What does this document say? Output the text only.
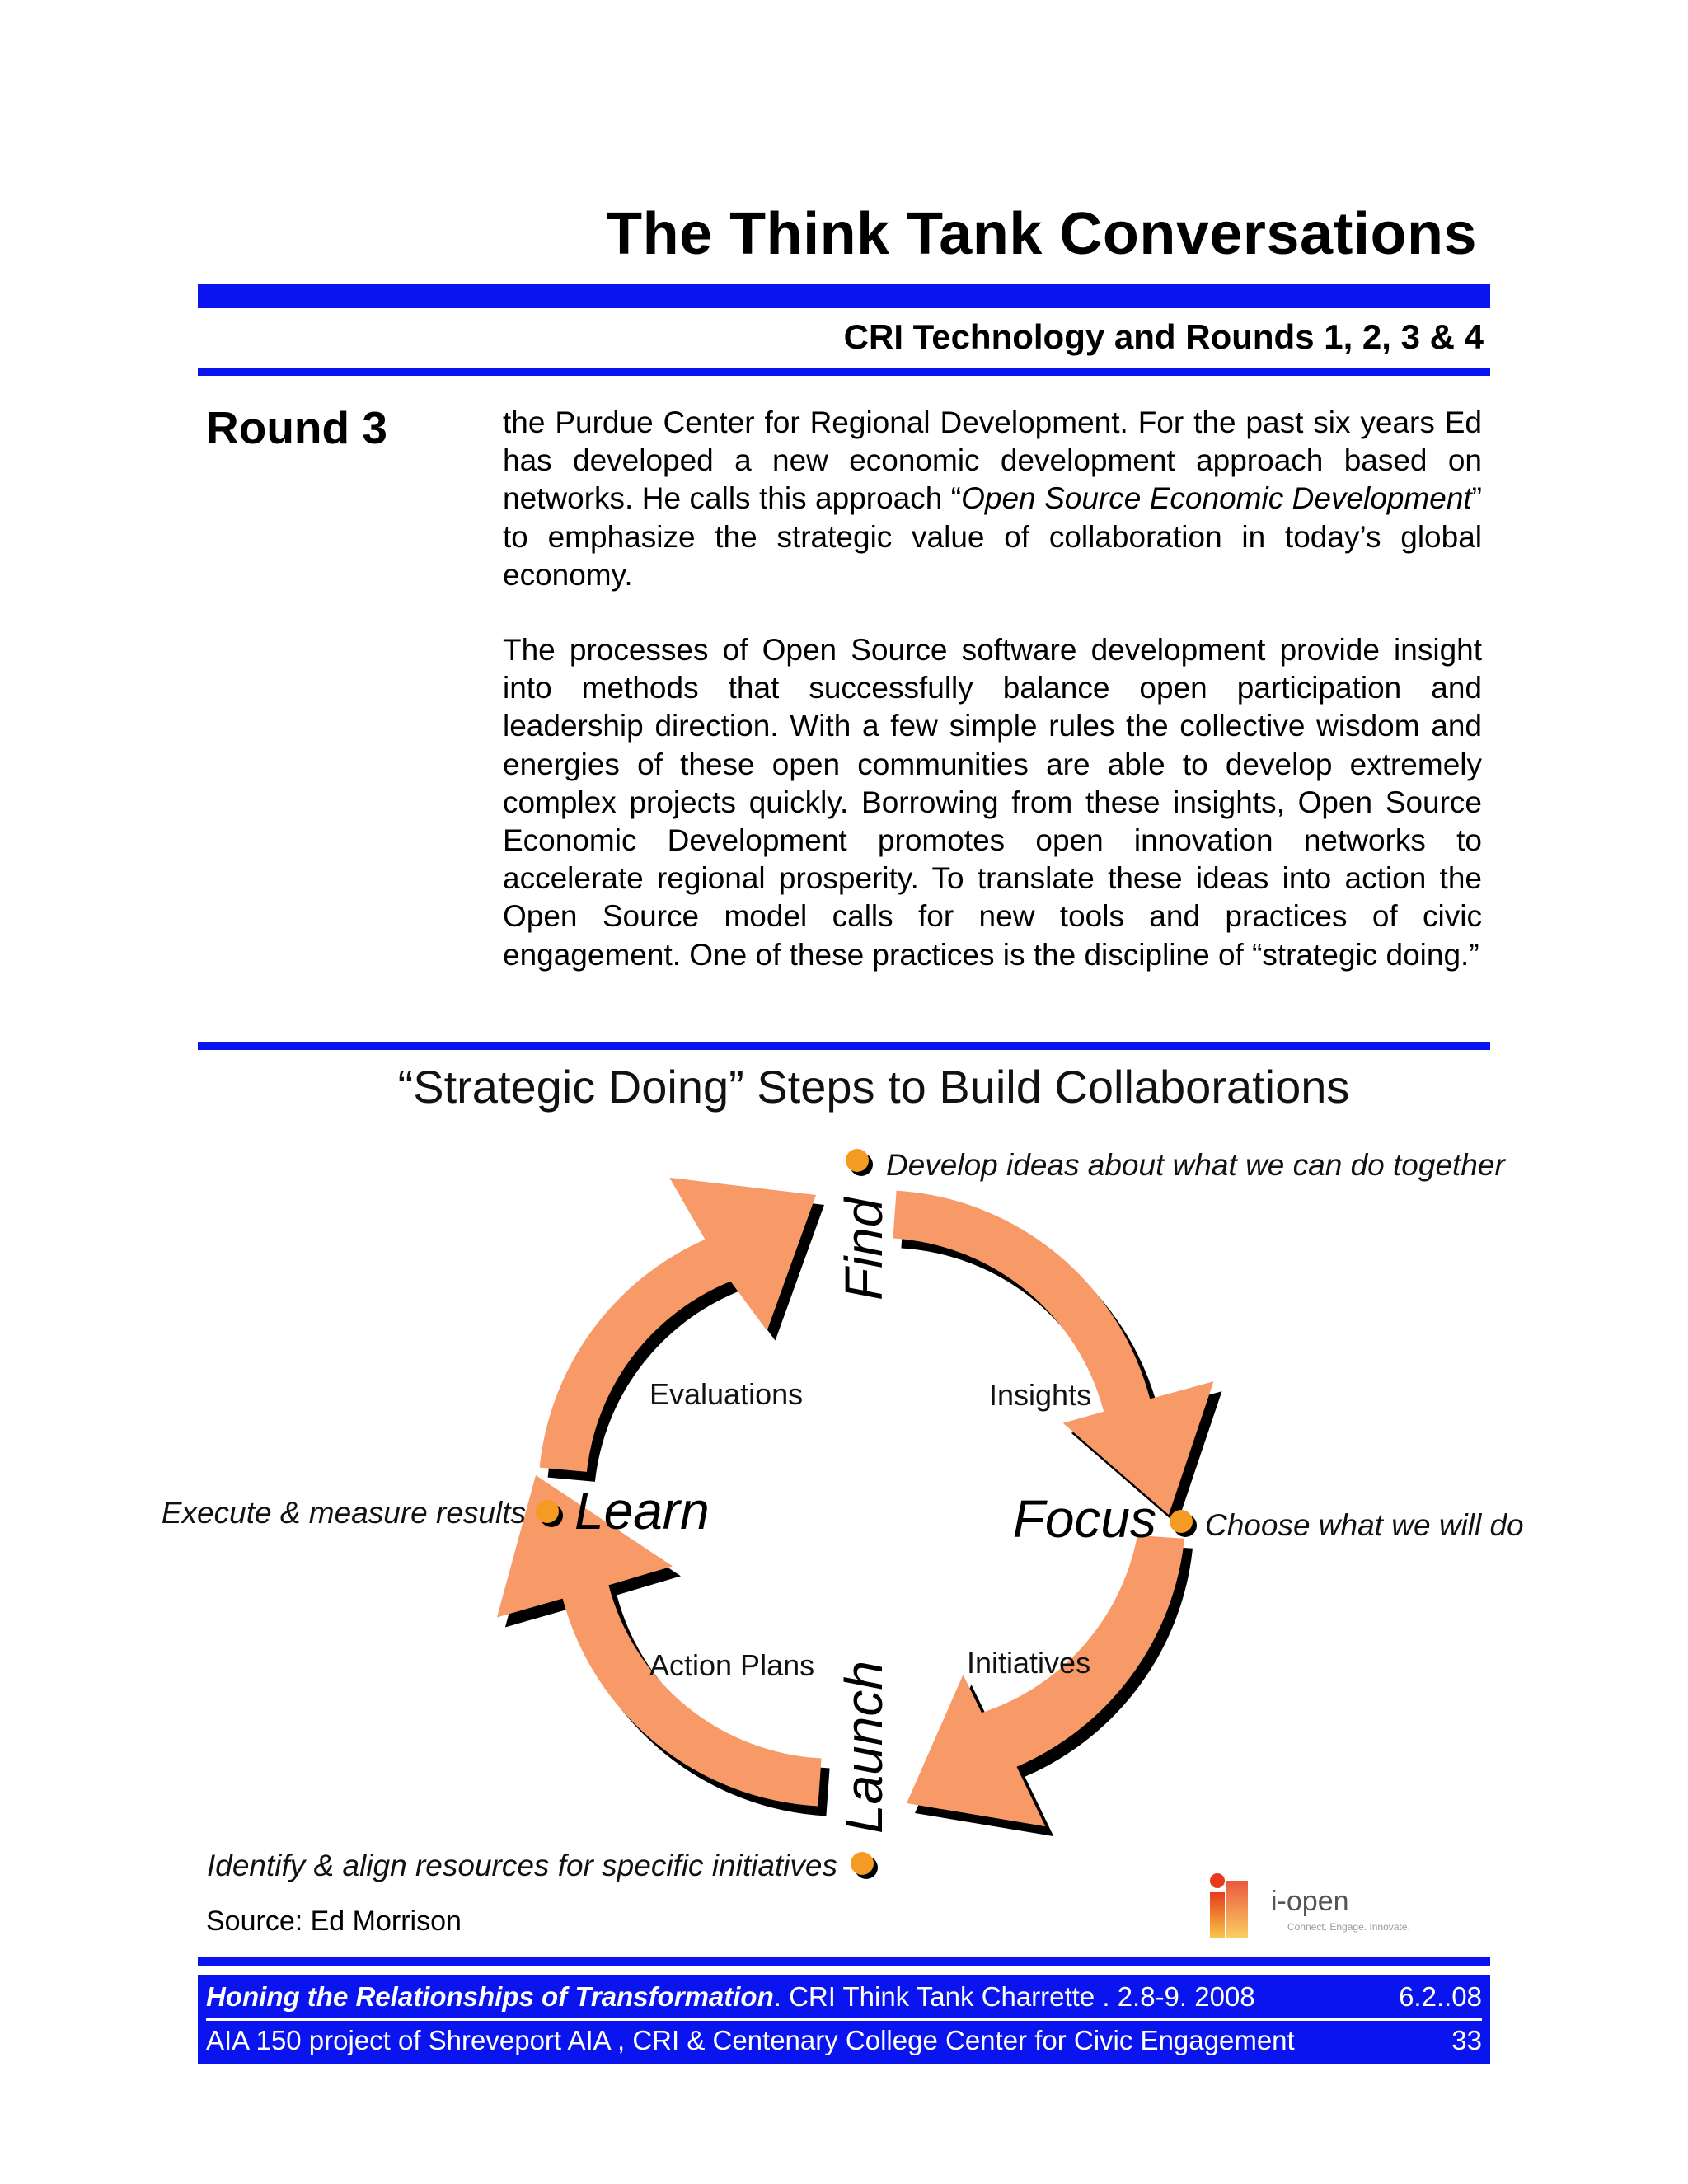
The Think Tank Conversations
CRI Technology and Rounds 1, 2, 3 & 4
Round 3	the Purdue Center for Regional Development. For the past six years Ed has developed a new economic development approach based on networks. He calls this approach “Open Source Economic Development” to emphasize the strategic value of collaboration in today’s global economy.

The processes of Open Source software development provide insight into methods that successfully balance open participation and leadership direction. With a few simple rules the collective wisdom and energies of these open communities are able to develop extremely complex projects quickly. Borrowing from these insights, Open Source Economic Development promotes open innovation networks to accelerate regional prosperity. To translate these ideas into action the Open Source model calls for new tools and practices of civic engagement. One of these practices is the discipline of “strategic doing.”

“Strategic Doing” Steps to Build Collaborations
Find
Focus
Launch
Learn
Insights
Initiatives
Action Plans
Evaluations
Develop ideas about what we can do together
Choose what we will do
Execute & measure results
Identify & align resources for specific initiatives
Source: Ed Morrison
i-open
Connect. Engage. Innovate.
Honing the Relationships of Transformation. CRI Think Tank Charrette . 2.8-9. 2008	6.2..08
AIA 150 project of Shreveport AIA , CRI & Centenary College Center for Civic Engagement	33
